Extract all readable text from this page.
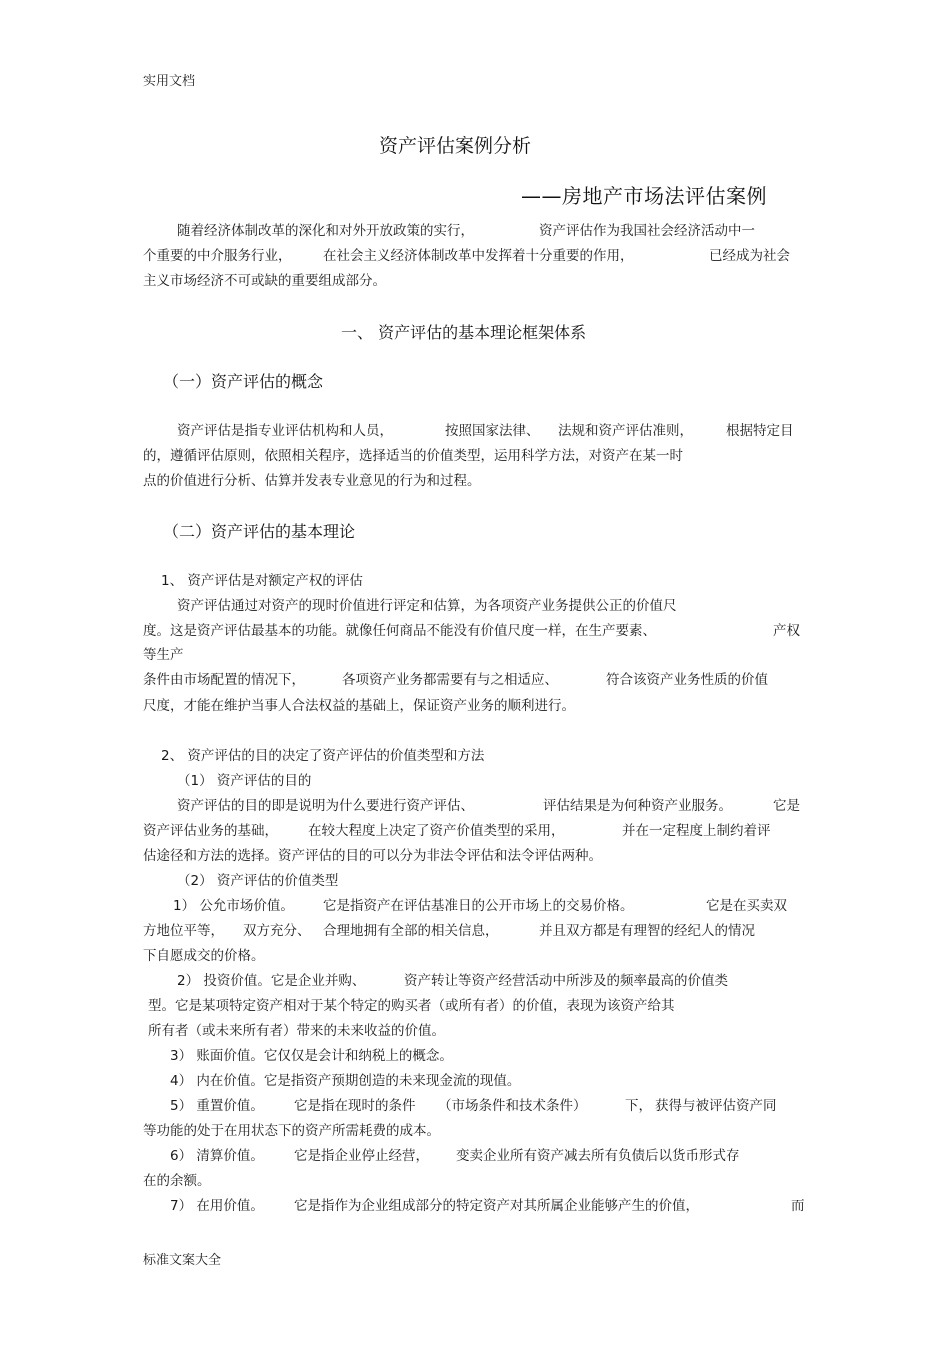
实用文档
标准文案大全
资产评估案例分析
——房地产市场法评估案例
随着经济体制改革的深化和对外开放政策的实行，	资产评估作为我国社会经济活动中一
个重要的中介服务行业， 在社会主义经济体制改革中发挥着十分重要的作用，	已经成为社会
主义市场经济不可或缺的重要组成部分。
一、 资产评估的基本理论框架体系
（一）资产评估的概念
资产评估是指专业评估机构和人员，	按照国家法律、 法规和资产评估准则， 根据特定目
的，遵循评估原则，依照相关程序，选择适当的价值类型，运用科学方法，对资产在某一时
点的价值进行分析、估算并发表专业意见的行为和过程。
（二）资产评估的基本理论
1、 资产评估是对额定产权的评估
资产评估通过对资产的现时价值进行评定和估算，为各项资产业务提供公正的价值尺
度。这是资产评估最基本的功能。就像任何商品不能没有价值尺度一样，在生产要素、	产权
等生产
条件由市场配置的情况下，	各项资产业务都需要有与之相适应、	符合该资产业务性质的价值
尺度，才能在维护当事人合法权益的基础上，保证资产业务的顺利进行。
2、 资产评估的目的决定了资产评估的价值类型和方法
（1） 资产评估的目的
资产评估的目的即是说明为什么要进行资产评估、	评估结果是为何种资产业服务。	它是
资产评估业务的基础， 在较大程度上决定了资产价值类型的采用，	并在一定程度上制约着评
估途径和方法的选择。资产评估的目的可以分为非法令评估和法令评估两种。
（2） 资产评估的价值类型
1） 公允市场价值。 它是指资产在评估基准日的公开市场上的交易价格。	它是在买卖双
方地位平等， 双方充分、 合理地拥有全部的相关信息，	并且双方都是有理智的经纪人的情况
下自愿成交的价格。
2） 投资价值。它是企业并购、	资产转让等资产经营活动中所涉及的频率最高的价值类
型。它是某项特定资产相对于某个特定的购买者（或所有者）的价值，表现为该资产给其
所有者（或未来所有者）带来的未来收益的价值。
3） 账面价值。它仅仅是会计和纳税上的概念。
4） 内在价值。它是指资产预期创造的未来现金流的现值。
5） 重置价值。 它是指在现时的条件 （市场条件和技术条件）	下， 获得与被评估资产同
等功能的处于在用状态下的资产所需耗费的成本。
6） 清算价值。 它是指企业停止经营， 变卖企业所有资产减去所有负债后以货币形式存
在的余额。
7） 在用价值。 它是指作为企业组成部分的特定资产对其所属企业能够产生的价值，	而
